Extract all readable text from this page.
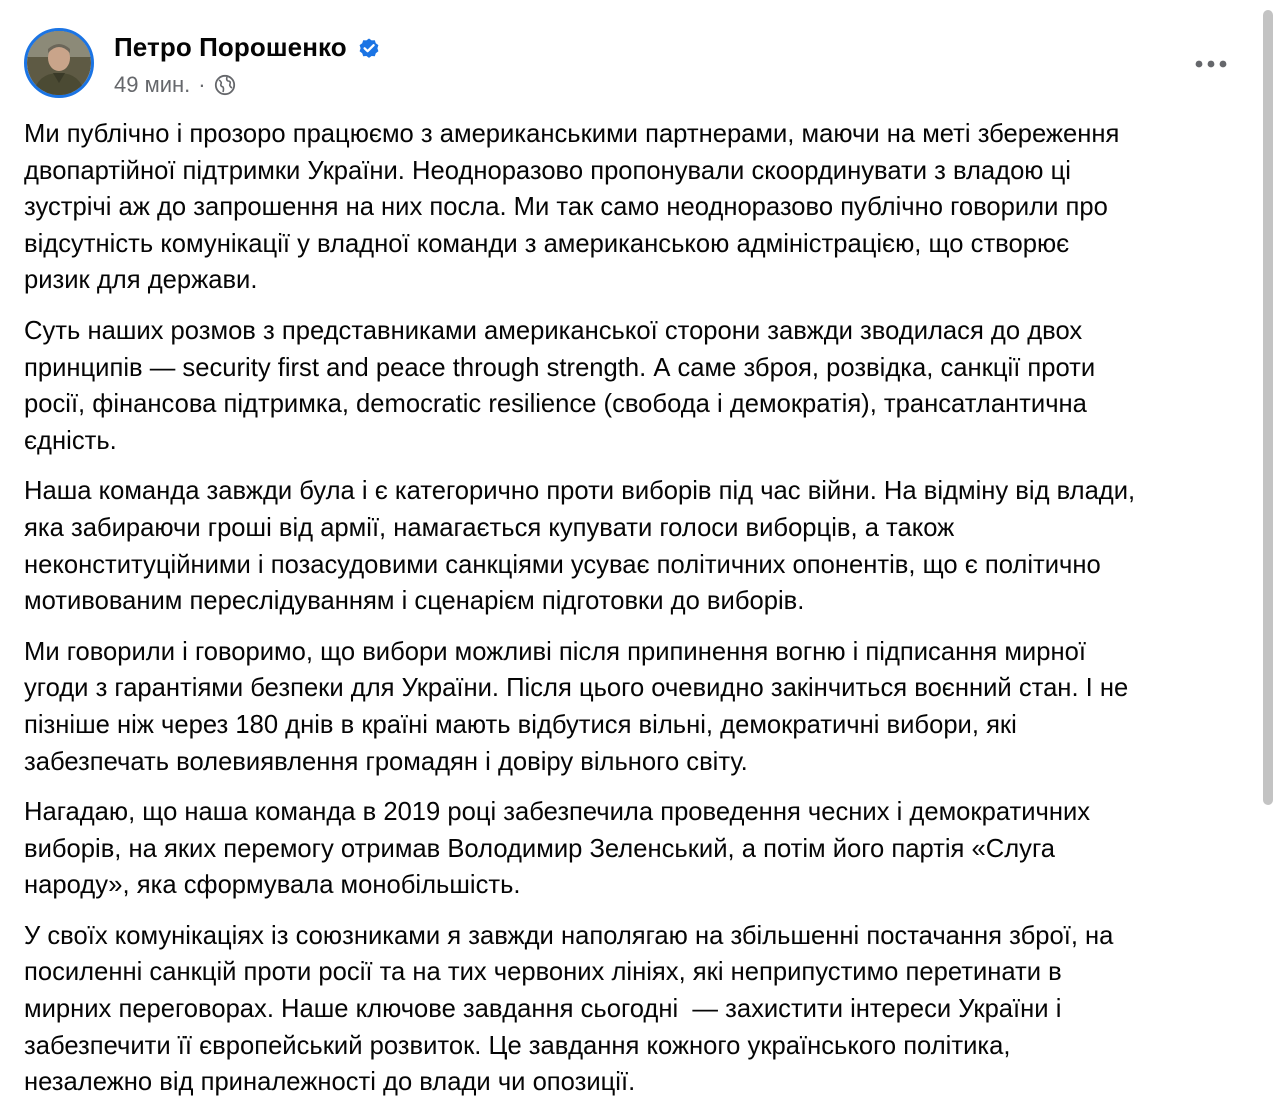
Петро Порошенко
49 мин. ·

Ми публічно і прозоро працюємо з американськими партнерами, маючи на меті збереження
двопартійної підтримки України. Неодноразово пропонували скоординувати з владою ці
зустрічі аж до запрошення на них посла. Ми так само неодноразово публічно говорили про
відсутність комунікації у владної команди з американською адміністрацією, що створює
ризик для держави.

Суть наших розмов з представниками американської сторони завжди зводилася до двох
принципів — security first and peace through strength. А саме зброя, розвідка, санкції проти
росії, фінансова підтримка, democratic resilience (свобода і демократія), трансатлантична
єдність.

Наша команда завжди була і є категорично проти виборів під час війни. На відміну від влади,
яка забираючи гроші від армії, намагається купувати голоси виборців, а також
неконституційними і позасудовими санкціями усуває політичних опонентів, що є політично
мотивованим переслідуванням і сценарієм підготовки до виборів.

Ми говорили і говоримо, що вибори можливі після припинення вогню і підписання мирної
угоди з гарантіями безпеки для України. Після цього очевидно закінчиться воєнний стан. І не
пізніше ніж через 180 днів в країні мають відбутися вільні, демократичні вибори, які
забезпечать волевиявлення громадян і довіру вільного світу.

Нагадаю, що наша команда в 2019 році забезпечила проведення чесних і демократичних
виборів, на яких перемогу отримав Володимир Зеленський, а потім його партія «Слуга
народу», яка сформувала монобільшість.

У своїх комунікаціях із союзниками я завжди наполягаю на збільшенні постачання зброї, на
посиленні санкцій проти росії та на тих червоних лініях, які неприпустимо перетинати в
мирних переговорах. Наше ключове завдання сьогодні  — захистити інтереси України і
забезпечити її європейський розвиток. Це завдання кожного українського політика,
незалежно від приналежності до влади чи опозиції.
